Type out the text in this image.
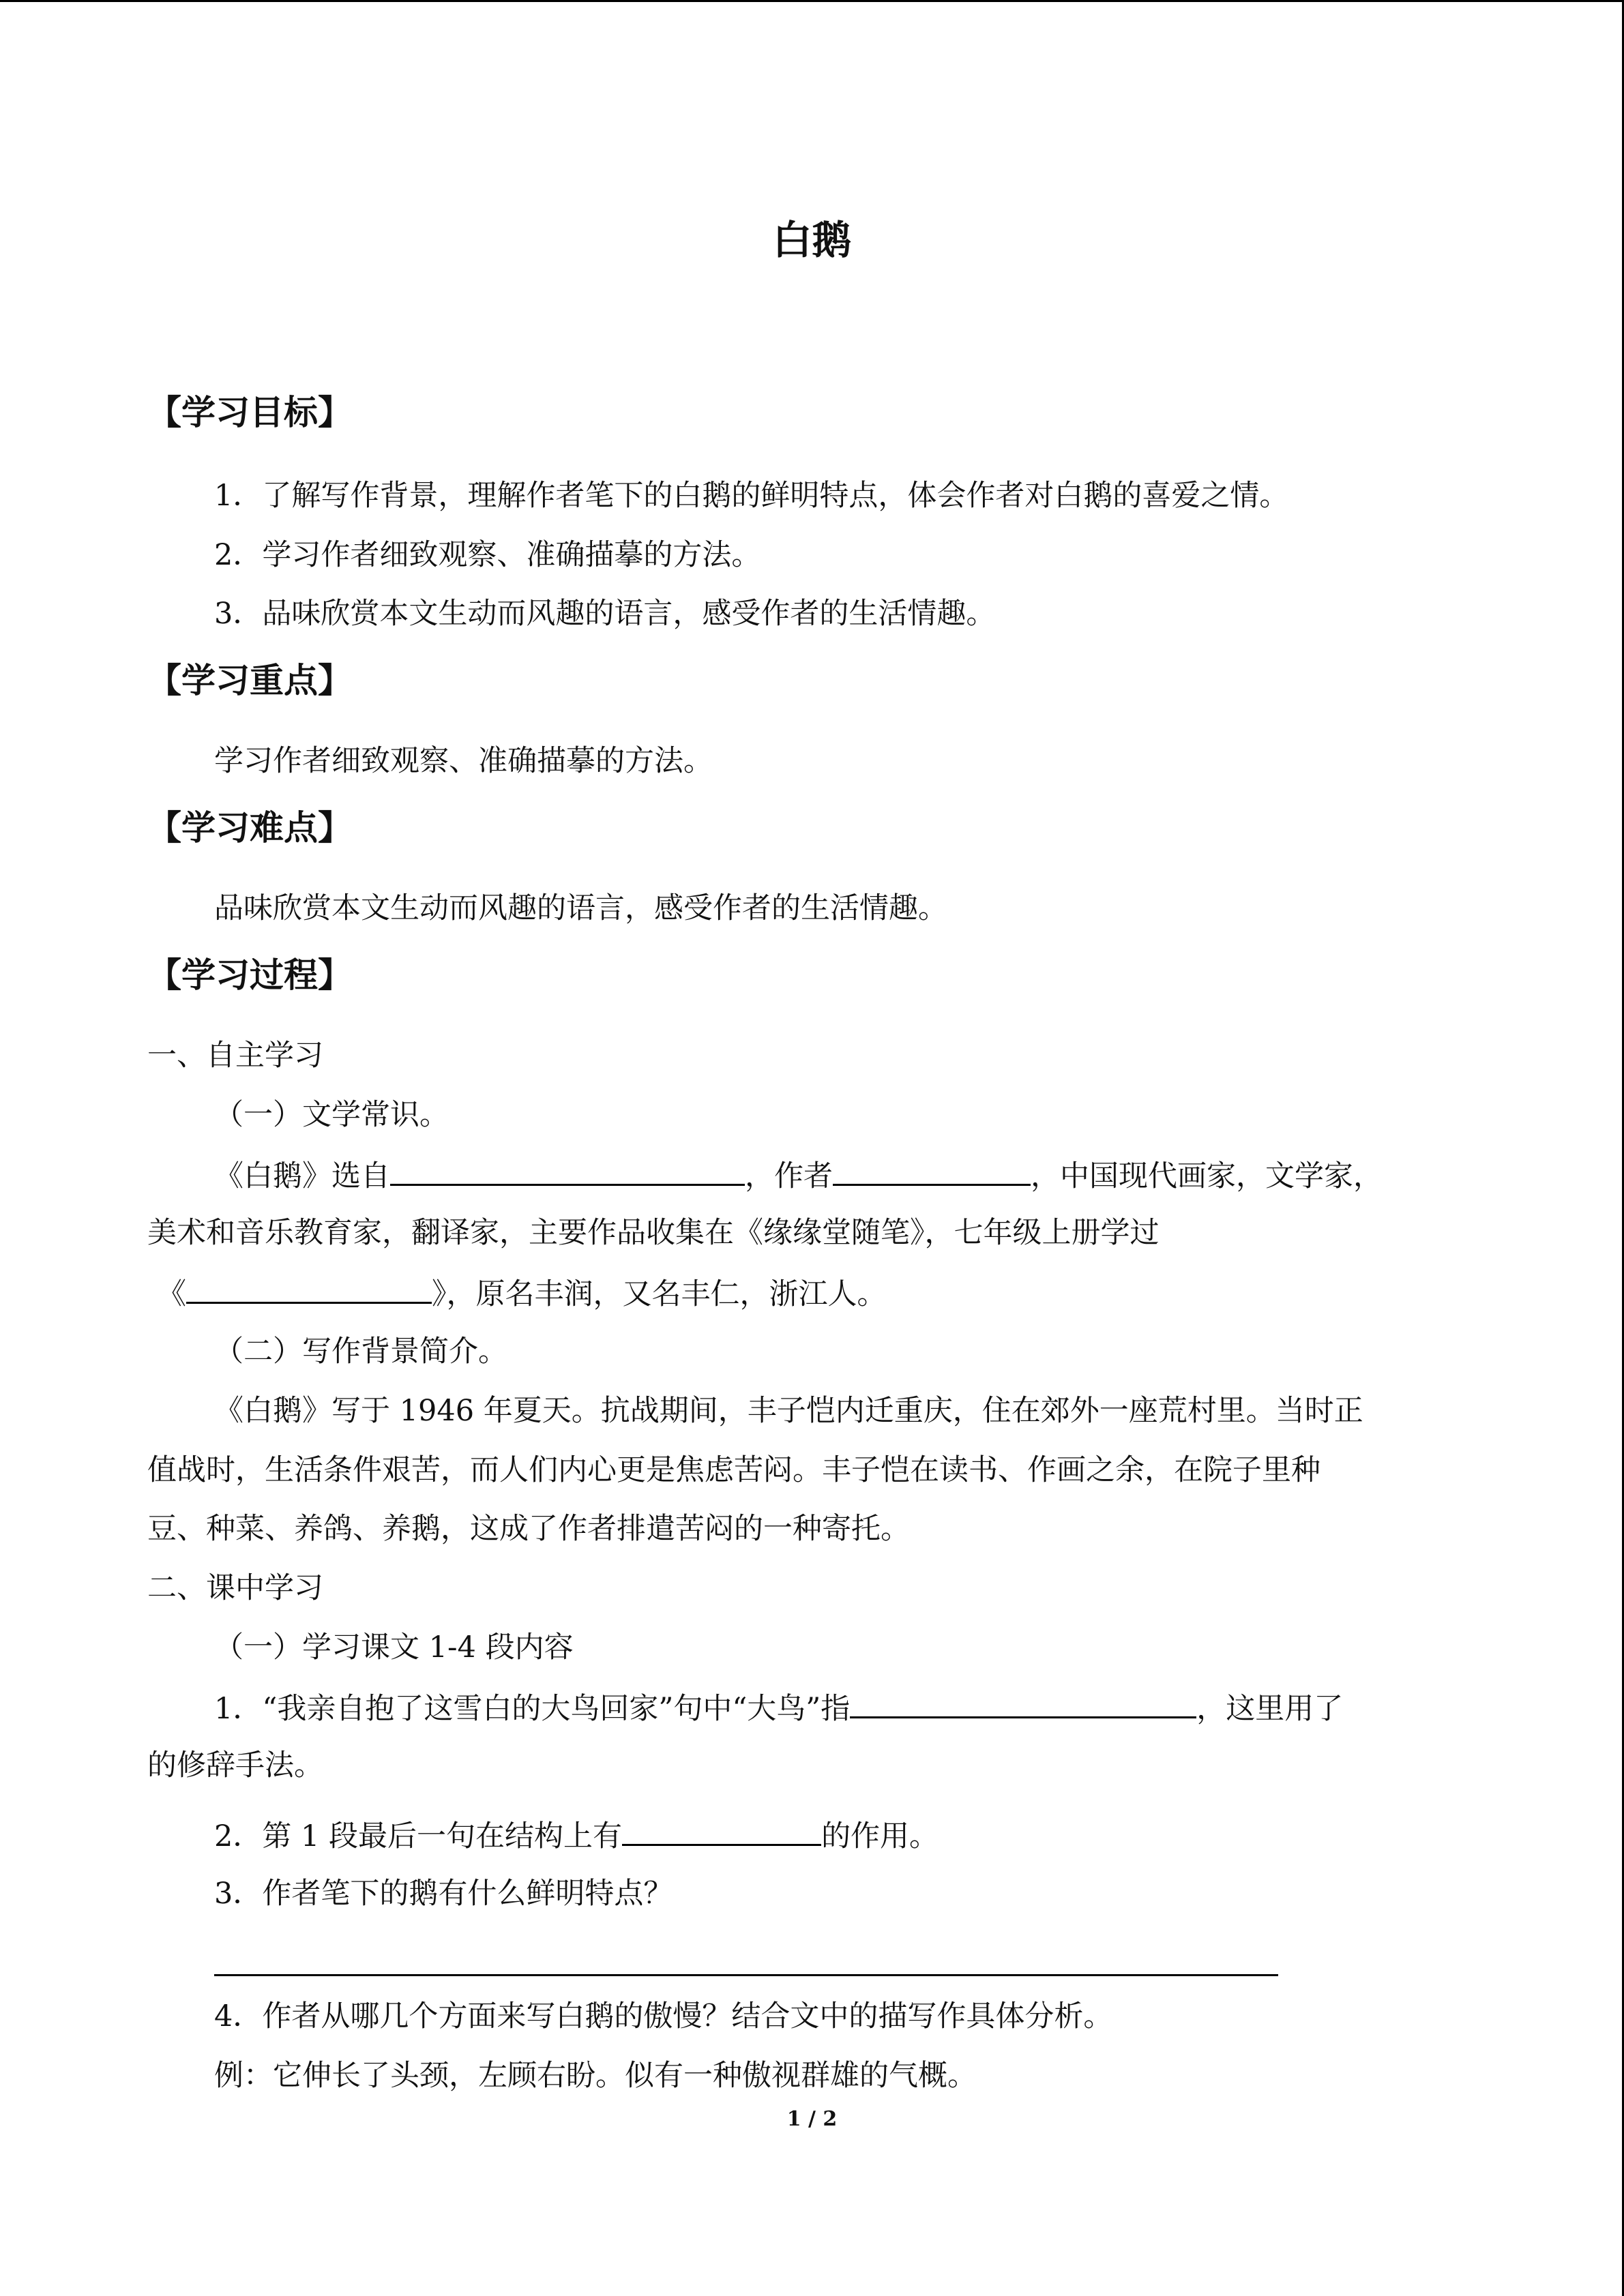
白鹅
【学习目标】
1．了解写作背景，理解作者笔下的白鹅的鲜明特点，体会作者对白鹅的喜爱之情。
2．学习作者细致观察、准确描摹的方法。
3．品味欣赏本文生动而风趣的语言，感受作者的生活情趣。
【学习重点】
学习作者细致观察、准确描摹的方法。
【学习难点】
品味欣赏本文生动而风趣的语言，感受作者的生活情趣。
【学习过程】
一、自主学习
（一）文学常识。
《白鹅》选自	，作者	，中国现代画家，文学家，
美术和音乐教育家，翻译家，主要作品收集在《缘缘堂随笔》，七年级上册学过
《	》，原名丰润，又名丰仁，浙江人。
（二）写作背景简介。
《白鹅》写于 1946 年夏天。抗战期间，丰子恺内迁重庆，住在郊外一座荒村里。当时正
值战时，生活条件艰苦，而人们内心更是焦虑苦闷。丰子恺在读书、作画之余，在院子里种
豆、种菜、养鸽、养鹅，这成了作者排遣苦闷的一种寄托。
二、课中学习
（一）学习课文 1-4 段内容
1．“我亲自抱了这雪白的大鸟回家”句中“大鸟”指	，这里用了
的修辞手法。
2．第 1 段最后一句在结构上有	的作用。
3．作者笔下的鹅有什么鲜明特点？
4．作者从哪几个方面来写白鹅的傲慢？结合文中的描写作具体分析。
例：它伸长了头颈，左顾右盼。似有一种傲视群雄的气概。
1 / 2
